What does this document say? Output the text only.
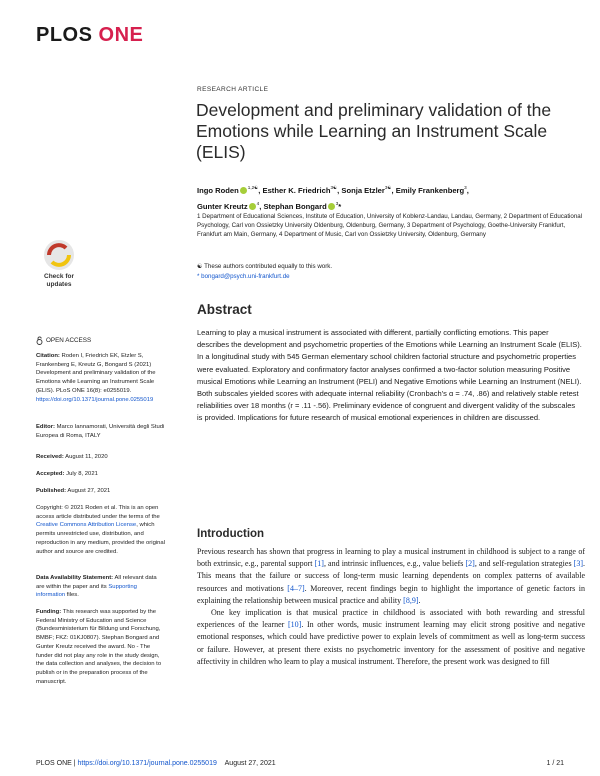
PLOS ONE
RESEARCH ARTICLE
Development and preliminary validation of the Emotions while Learning an Instrument Scale (ELIS)
Ingo Roden $^{1,2☯}$, Esther K. Friedrich$^{3☯}$, Sonja Etzler$^{3☯}$, Emily Frankenberg$^3$,
Gunter Kreutz $^4$, Stephan Bongard $^3$*
1 Department of Educational Sciences, Institute of Education, University of Koblenz-Landau, Landau, Germany, 2 Department of Educational Psychology, Carl von Ossietzky University Oldenburg, Oldenburg, Germany, 3 Department of Psychology, Goethe-University Frankfurt, Frankfurt am Main, Germany, 4 Department of Music, Carl von Ossietzky University, Oldenburg, Germany
☯ These authors contributed equally to this work.
* bongard@psych.uni-frankfurt.de
Abstract

Learning to play a musical instrument is associated with different, partially conflicting emotions. This paper describes the development and psychometric properties of the Emotions while Learning an Instrument Scale (ELIS). In a longitudinal study with 545 German elementary school children factorial structure and psychometric properties were evaluated. Exploratory and confirmatory factor analyses confirmed a two-factor solution measuring Positive musical Emotions while Learning an Instrument (PELI) and Negative Emotions while Learning an Instrument (NELI). Both subscales yielded scores with adequate internal reliability (Cronbach's α = .74, .86) and relatively stable retest reliabilities over 18 months (r = .11 -.56). Preliminary evidence of congruent and divergent validity of the subscales is provided. Implications for future research of musical emotional experiences in children are discussed.

Check for
updates
OPEN ACCESS
Citation: Roden I, Friedrich EK, Etzler S, Frankenberg E, Kreutz G, Bongard S (2021) Development and preliminary validation of the Emotions while Learning an Instrument Scale (ELIS). PLoS ONE 16(8): e0255019. https://doi.org/10.1371/journal.pone.0255019
Editor: Marco Iannamorati, Università degli Studi Europea di Roma, ITALY
Received: August 11, 2020
Accepted: July 8, 2021
Published: August 27, 2021
Copyright: © 2021 Roden et al. This is an open access article distributed under the terms of the Creative Commons Attribution License, which permits unrestricted use, distribution, and reproduction in any medium, provided the original author and source are credited.
Data Availability Statement: All relevant data are within the paper and its Supporting information files.
Funding: This research was supported by the Federal Ministry of Education and Science (Bundesministerium für Bildung und Forschung, BMBF; FKZ: 01KJ0807). Stephan Bongard and Gunter Kreutz received the award. No - The funder did not play any role in the study design, the data collection and analyses, the decision to publish or in the preparation process of the manuscript.
Introduction
Previous research has shown that progress in learning to play a musical instrument in childhood is subject to a range of both extrinsic, e.g., parental support [1], and intrinsic influences, e.g., value beliefs [2], and self-regulation strategies [3]. This means that the failure or success of long-term music learning dependents on complex patterns of available resources and motivations [4–7]. Moreover, recent findings begin to highlight the importance of genetic factors in explaining the relationship between musical practice and ability [8,9].
One key implication is that musical practice in childhood is associated with both rewarding and stressful experiences of the learner [10]. In other words, music instrument learning may elicit strong positive and negative emotional responses, which could have predictive power to explain levels of commitment as well as long-term success or failure. However, at present there exists no psychometric inventory for the assessment of positive and negative affectivity in children who learn to play a musical instrument. Therefore, the present work was designed to fill
PLOS ONE | https://doi.org/10.1371/journal.pone.0255019 August 27, 2021	1 / 21
